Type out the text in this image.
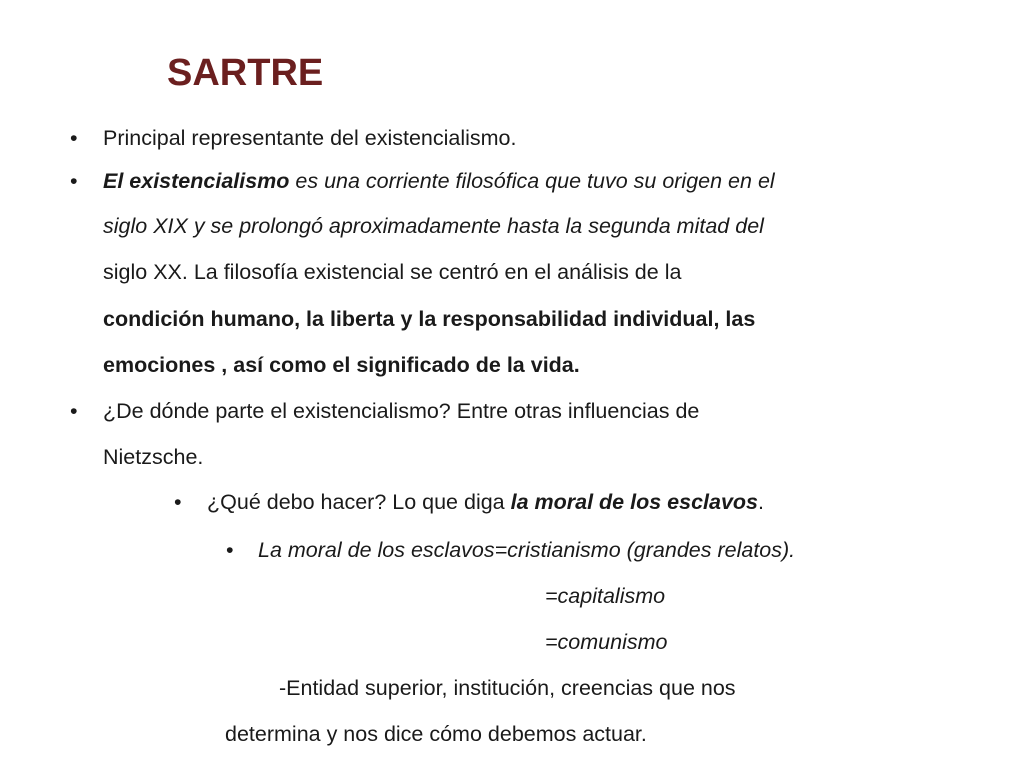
SARTRE
• Principal representante del existencialismo.
• El existencialismo es una corriente filosófica que tuvo su origen en el
siglo XIX y se prolongó aproximadamente hasta la segunda mitad del
siglo XX. La filosofía existencial se centró en el análisis de la
condición humano, la liberta y la responsabilidad individual, las
emociones , así como el significado de la vida.
• ¿De dónde parte el existencialismo? Entre otras influencias de
Nietzsche.
• ¿Qué debo hacer? Lo que diga la moral de los esclavos.
• La moral de los esclavos=cristianismo (grandes relatos).
=capitalismo
=comunismo
-Entidad superior, institución, creencias que nos
determina y nos dice cómo debemos actuar.
